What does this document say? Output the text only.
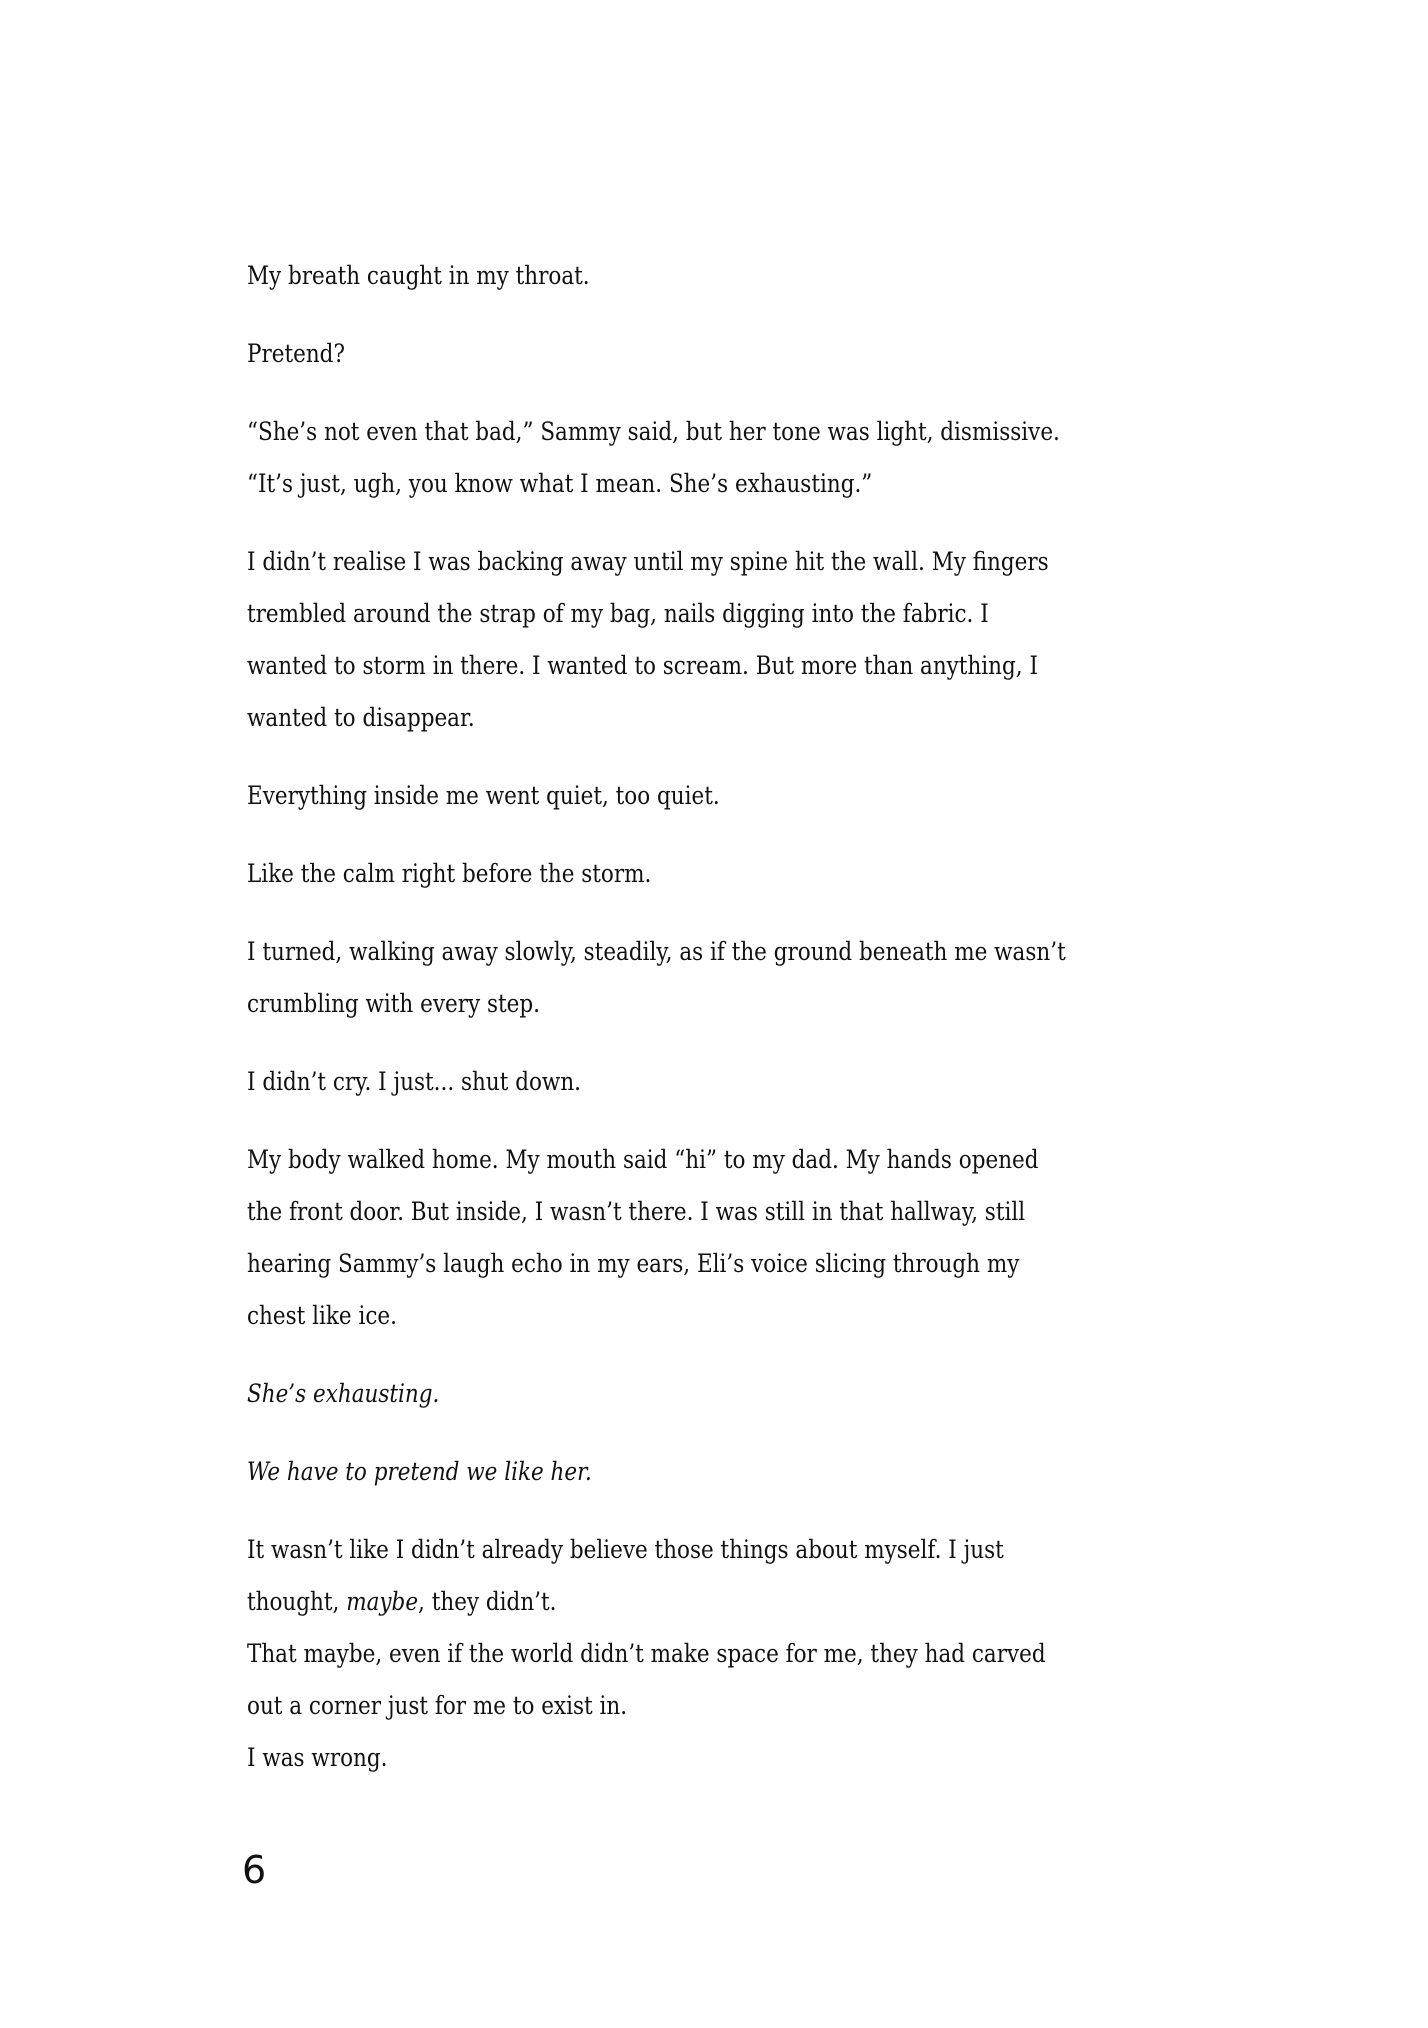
My breath caught in my throat.

Pretend?

“She’s not even that bad,” Sammy said, but her tone was light, dismissive. “It’s just, ugh, you know what I mean. She’s exhausting.”

I didn’t realise I was backing away until my spine hit the wall. My fingers trembled around the strap of my bag, nails digging into the fabric. I wanted to storm in there. I wanted to scream. But more than anything, I wanted to disappear.

Everything inside me went quiet, too quiet.

Like the calm right before the storm.

I turned, walking away slowly, steadily, as if the ground beneath me wasn’t crumbling with every step.

I didn’t cry. I just... shut down.

My body walked home. My mouth said “hi” to my dad. My hands opened the front door. But inside, I wasn’t there. I was still in that hallway, still hearing Sammy’s laugh echo in my ears, Eli’s voice slicing through my chest like ice.

She’s exhausting.

We have to pretend we like her.

It wasn’t like I didn’t already believe those things about myself. I just thought, maybe, they didn’t.

That maybe, even if the world didn’t make space for me, they had carved out a corner just for me to exist in.

I was wrong.

6
